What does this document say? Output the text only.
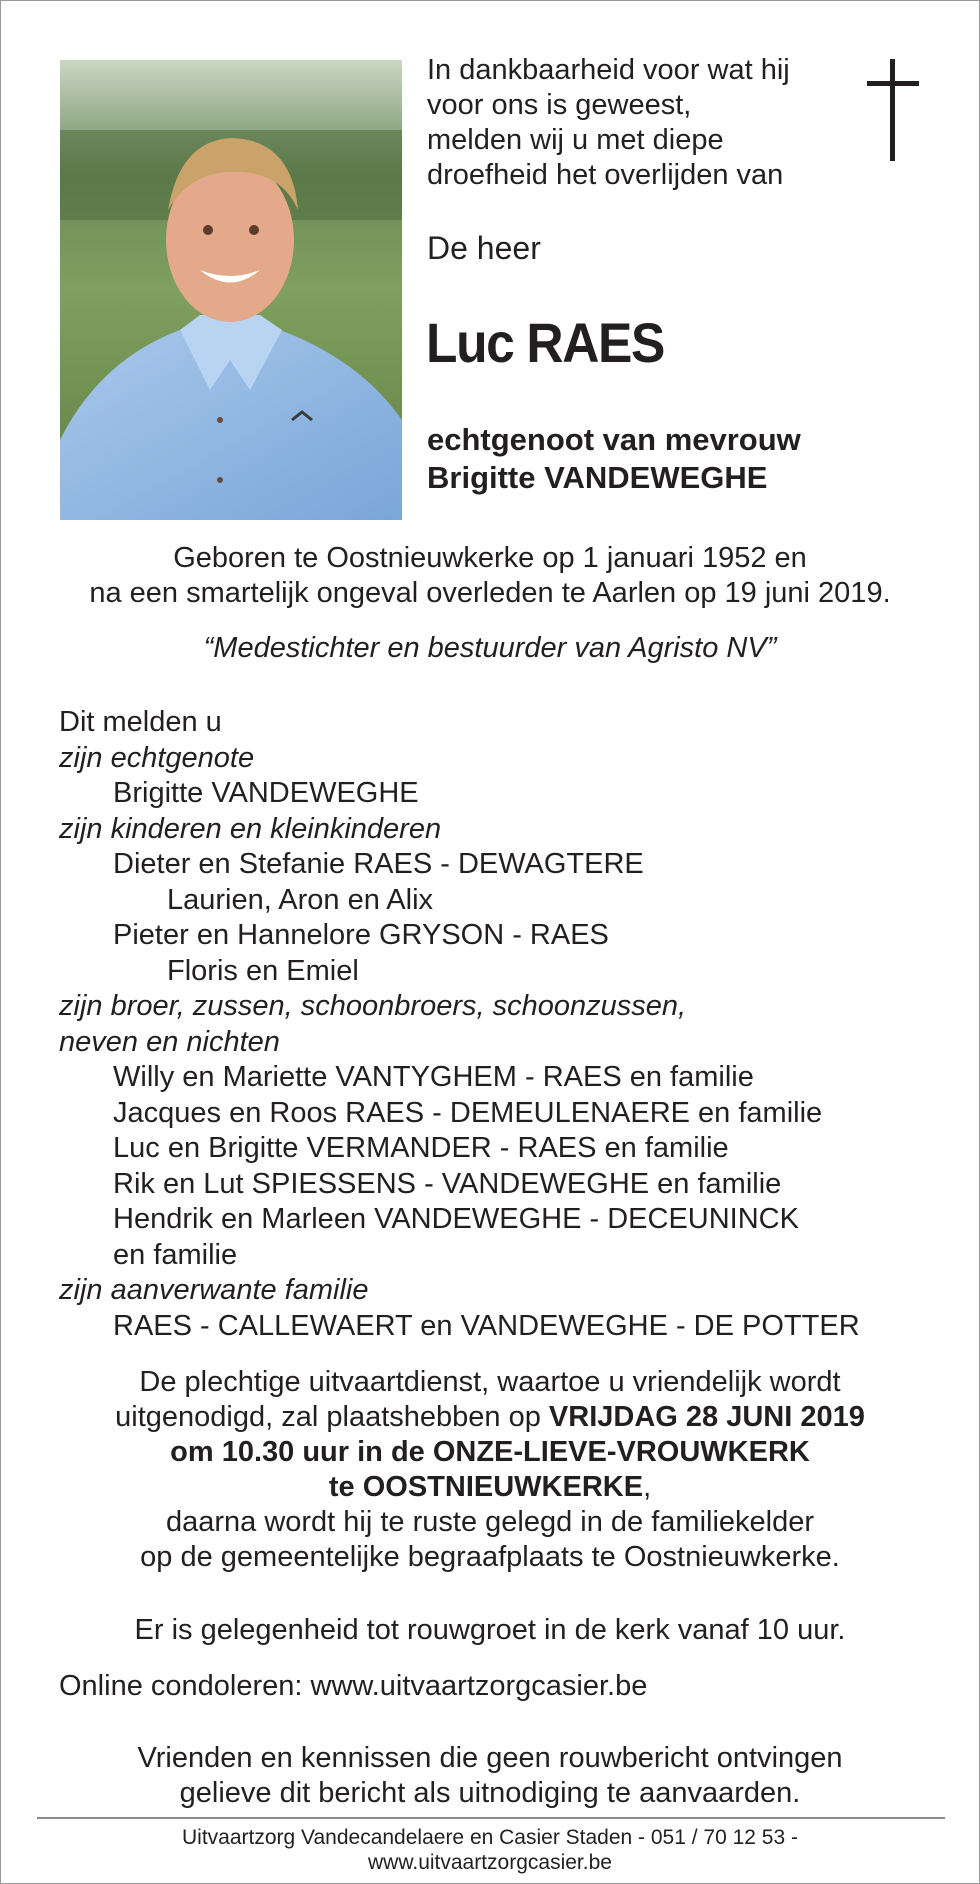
In dankbaarheid voor wat hij
voor ons is geweest,
melden wij u met diepe
droefheid het overlijden van
De heer
Luc RAES
echtgenoot van mevrouw
Brigitte VANDEWEGHE
Geboren te Oostnieuwkerke op 1 januari 1952 en
na een smartelijk ongeval overleden te Aarlen op 19 juni 2019.
“Medestichter en bestuurder van Agristo NV”
Dit melden u
zijn echtgenote
Brigitte VANDEWEGHE
zijn kinderen en kleinkinderen
Dieter en Stefanie RAES - DEWAGTERE
Laurien, Aron en Alix
Pieter en Hannelore GRYSON - RAES
Floris en Emiel
zijn broer, zussen, schoonbroers, schoonzussen,
neven en nichten
Willy en Mariette VANTYGHEM - RAES en familie
Jacques en Roos RAES - DEMEULENAERE en familie
Luc en Brigitte VERMANDER - RAES en familie
Rik en Lut SPIESSENS - VANDEWEGHE en familie
Hendrik en Marleen VANDEWEGHE - DECEUNINCK
en familie
zijn aanverwante familie
RAES - CALLEWAERT en VANDEWEGHE - DE POTTER
De plechtige uitvaartdienst, waartoe u vriendelijk wordt
uitgenodigd, zal plaatshebben op VRIJDAG 28 JUNI 2019
om 10.30 uur in de ONZE-LIEVE-VROUWKERK
te OOSTNIEUWKERKE,
daarna wordt hij te ruste gelegd in de familiekelder
op de gemeentelijke begraafplaats te Oostnieuwkerke.
Er is gelegenheid tot rouwgroet in de kerk vanaf 10 uur.
Online condoleren: www.uitvaartzorgcasier.be
Vrienden en kennissen die geen rouwbericht ontvingen
gelieve dit bericht als uitnodiging te aanvaarden.
Uitvaartzorg Vandecandelaere en Casier Staden - 051 / 70 12 53 -
www.uitvaartzorgcasier.be
